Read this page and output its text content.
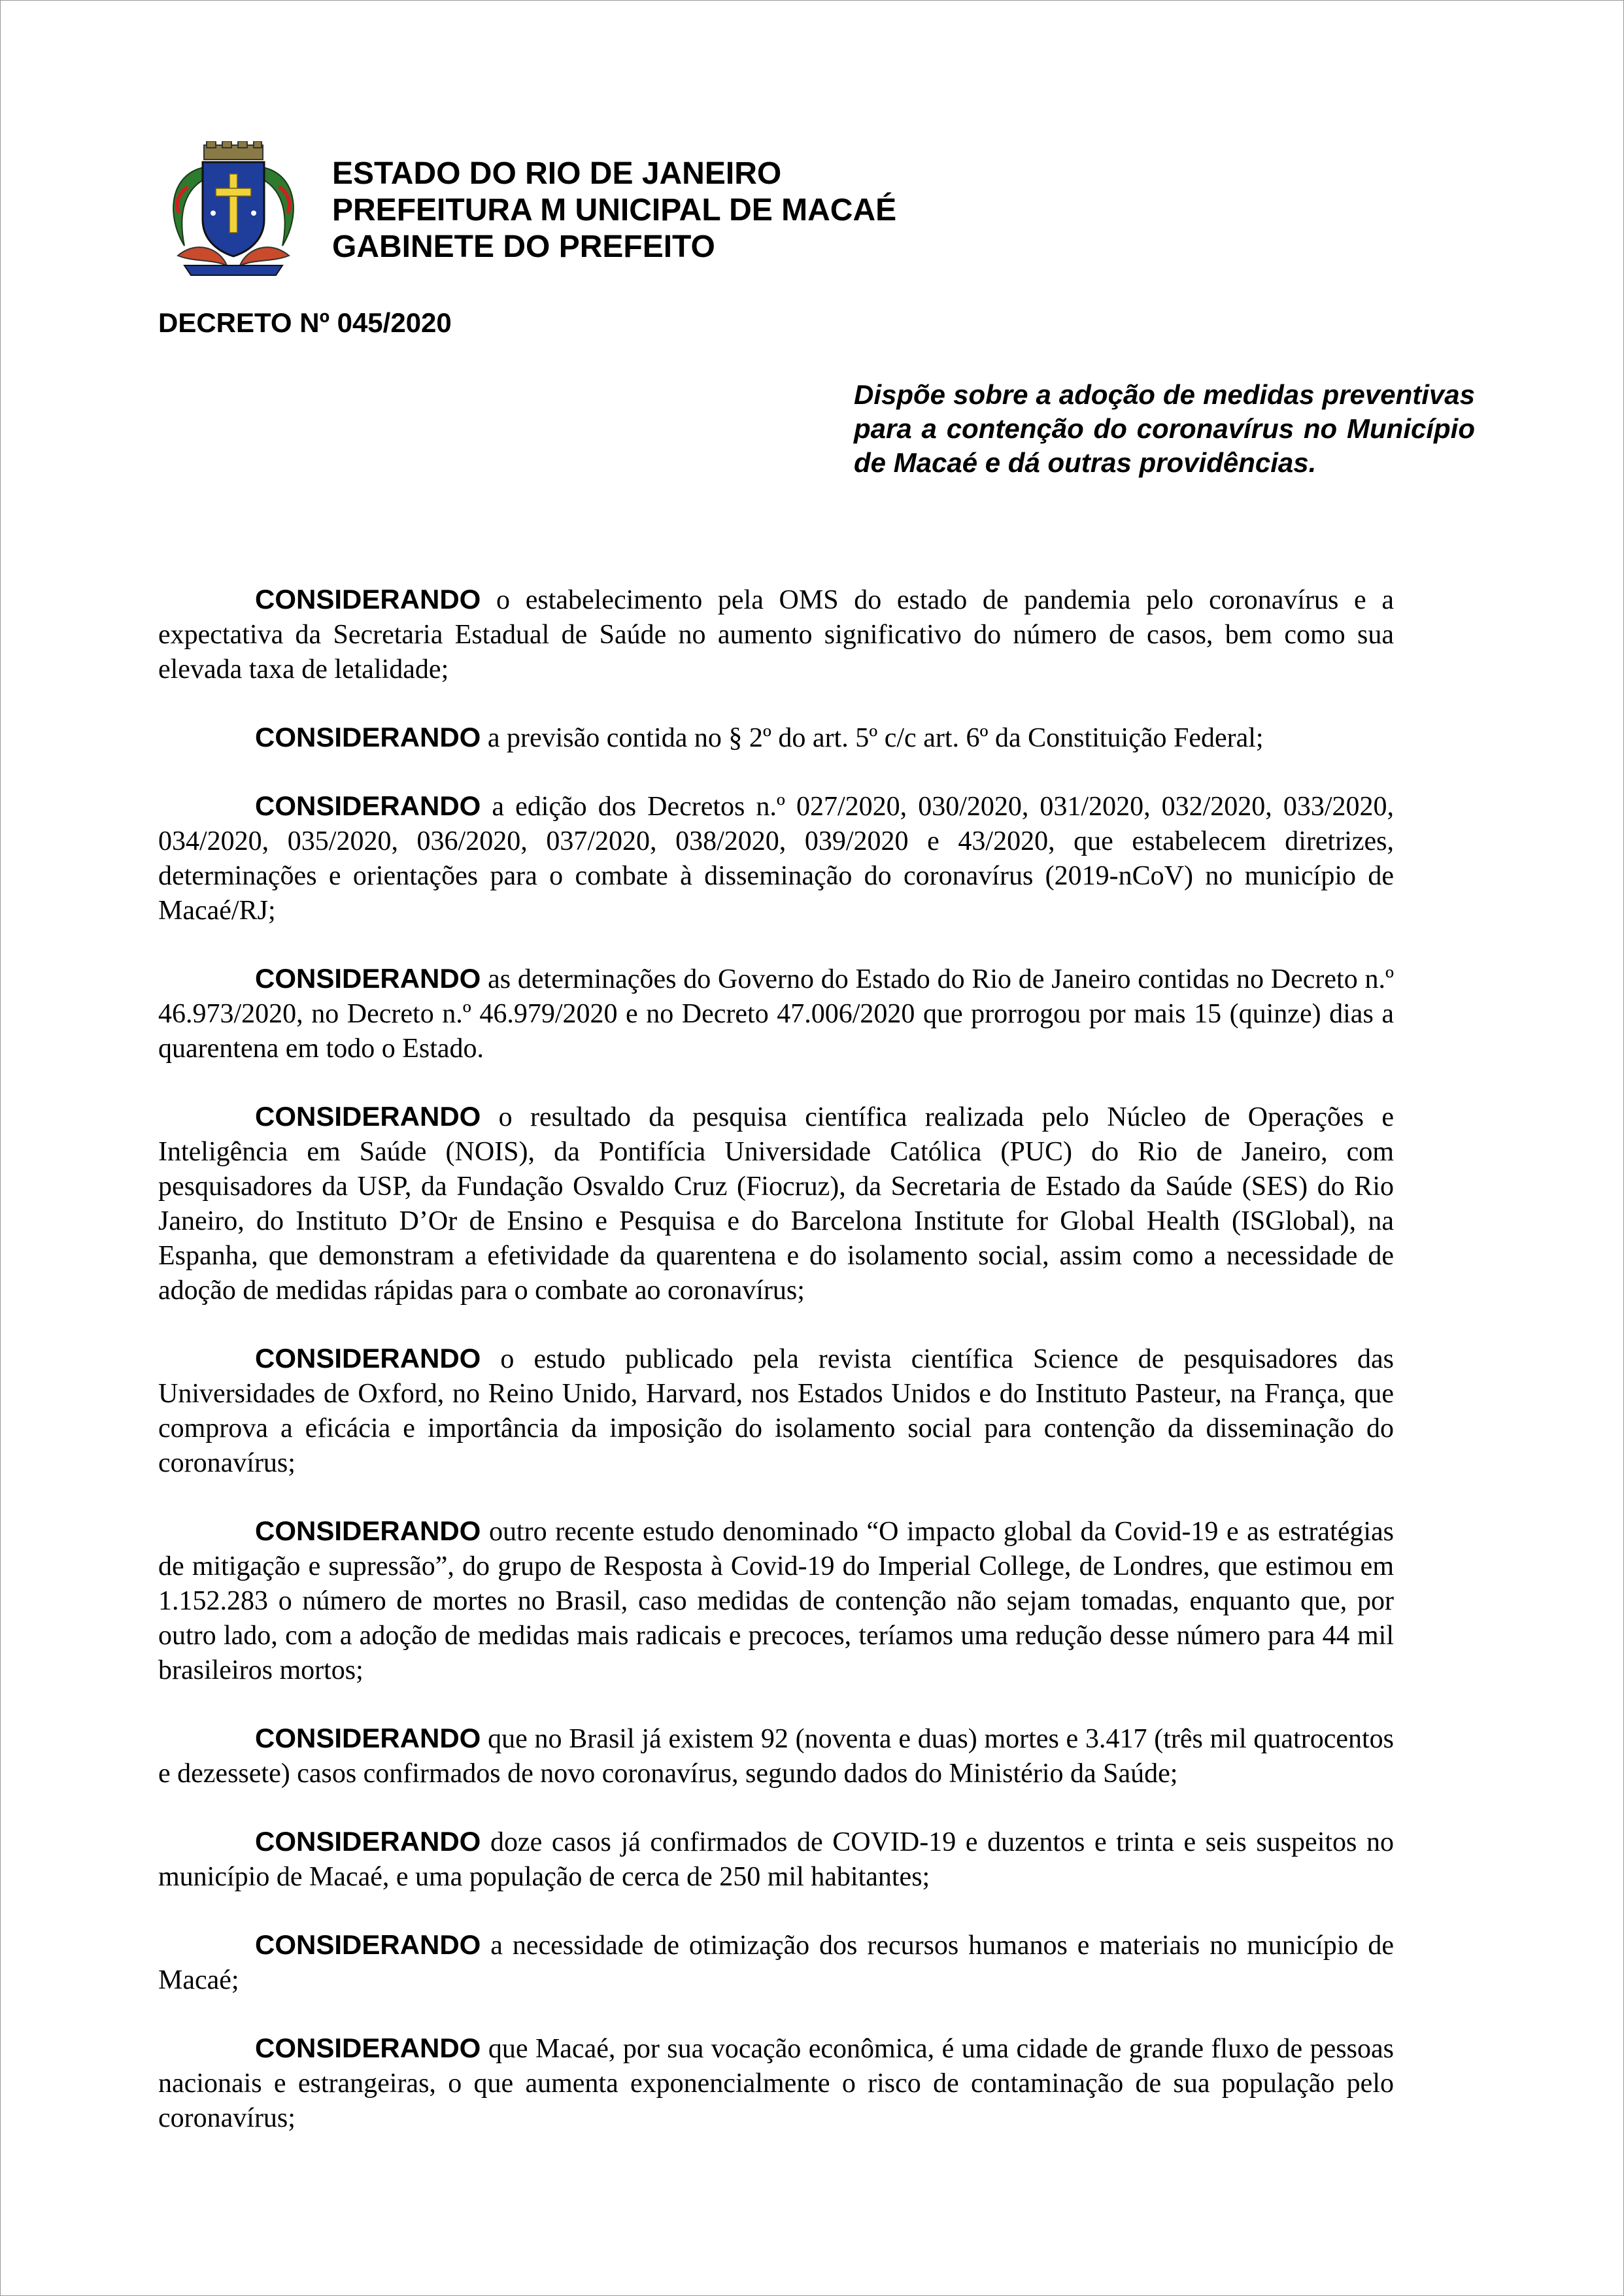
ESTADO DO RIO DE JANEIRO
PREFEITURA M UNICIPAL DE MACAÉ
GABINETE DO PREFEITO
DECRETO Nº 045/2020
Dispõe sobre a adoção de medidas preventivas para a contenção do coronavírus no Município de Macaé e dá outras providências.

CONSIDERANDO o estabelecimento pela OMS do estado de pandemia pelo coronavírus e a expectativa da Secretaria Estadual de Saúde no aumento significativo do número de casos, bem como sua elevada taxa de letalidade;

CONSIDERANDO a previsão contida no § 2º do art. 5º c/c art. 6º da Constituição Federal;

CONSIDERANDO a edição dos Decretos n.º 027/2020, 030/2020, 031/2020, 032/2020, 033/2020, 034/2020, 035/2020, 036/2020, 037/2020, 038/2020, 039/2020 e 43/2020, que estabelecem diretrizes, determinações e orientações para o combate à disseminação do coronavírus (2019-nCoV) no município de Macaé/RJ;

CONSIDERANDO as determinações do Governo do Estado do Rio de Janeiro contidas no Decreto n.º 46.973/2020, no Decreto n.º 46.979/2020 e no Decreto 47.006/2020 que prorrogou por mais 15 (quinze) dias a quarentena em todo o Estado.

CONSIDERANDO o resultado da pesquisa científica realizada pelo Núcleo de Operações e Inteligência em Saúde (NOIS), da Pontifícia Universidade Católica (PUC) do Rio de Janeiro, com pesquisadores da USP, da Fundação Osvaldo Cruz (Fiocruz), da Secretaria de Estado da Saúde (SES) do Rio Janeiro, do Instituto D’Or de Ensino e Pesquisa e do Barcelona Institute for Global Health (ISGlobal), na Espanha, que demonstram a efetividade da quarentena e do isolamento social, assim como a necessidade de adoção de medidas rápidas para o combate ao coronavírus;

CONSIDERANDO o estudo publicado pela revista científica Science de pesquisadores das Universidades de Oxford, no Reino Unido, Harvard, nos Estados Unidos e do Instituto Pasteur, na França, que comprova a eficácia e importância da imposição do isolamento social para contenção da disseminação do coronavírus;

CONSIDERANDO outro recente estudo denominado “O impacto global da Covid-19 e as estratégias de mitigação e supressão”, do grupo de Resposta à Covid-19 do Imperial College, de Londres, que estimou em 1.152.283 o número de mortes no Brasil, caso medidas de contenção não sejam tomadas, enquanto que, por outro lado, com a adoção de medidas mais radicais e precoces, teríamos uma redução desse número para 44 mil brasileiros mortos;

CONSIDERANDO que no Brasil já existem 92 (noventa e duas) mortes e 3.417 (três mil quatrocentos e dezessete) casos confirmados de novo coronavírus, segundo dados do Ministério da Saúde;

CONSIDERANDO doze casos já confirmados de COVID-19 e duzentos e trinta e seis suspeitos no município de Macaé, e uma população de cerca de 250 mil habitantes;

CONSIDERANDO a necessidade de otimização dos recursos humanos e materiais no município de Macaé;

CONSIDERANDO que Macaé, por sua vocação econômica, é uma cidade de grande fluxo de pessoas nacionais e estrangeiras, o que aumenta exponencialmente o risco de contaminação de sua população pelo coronavírus;
